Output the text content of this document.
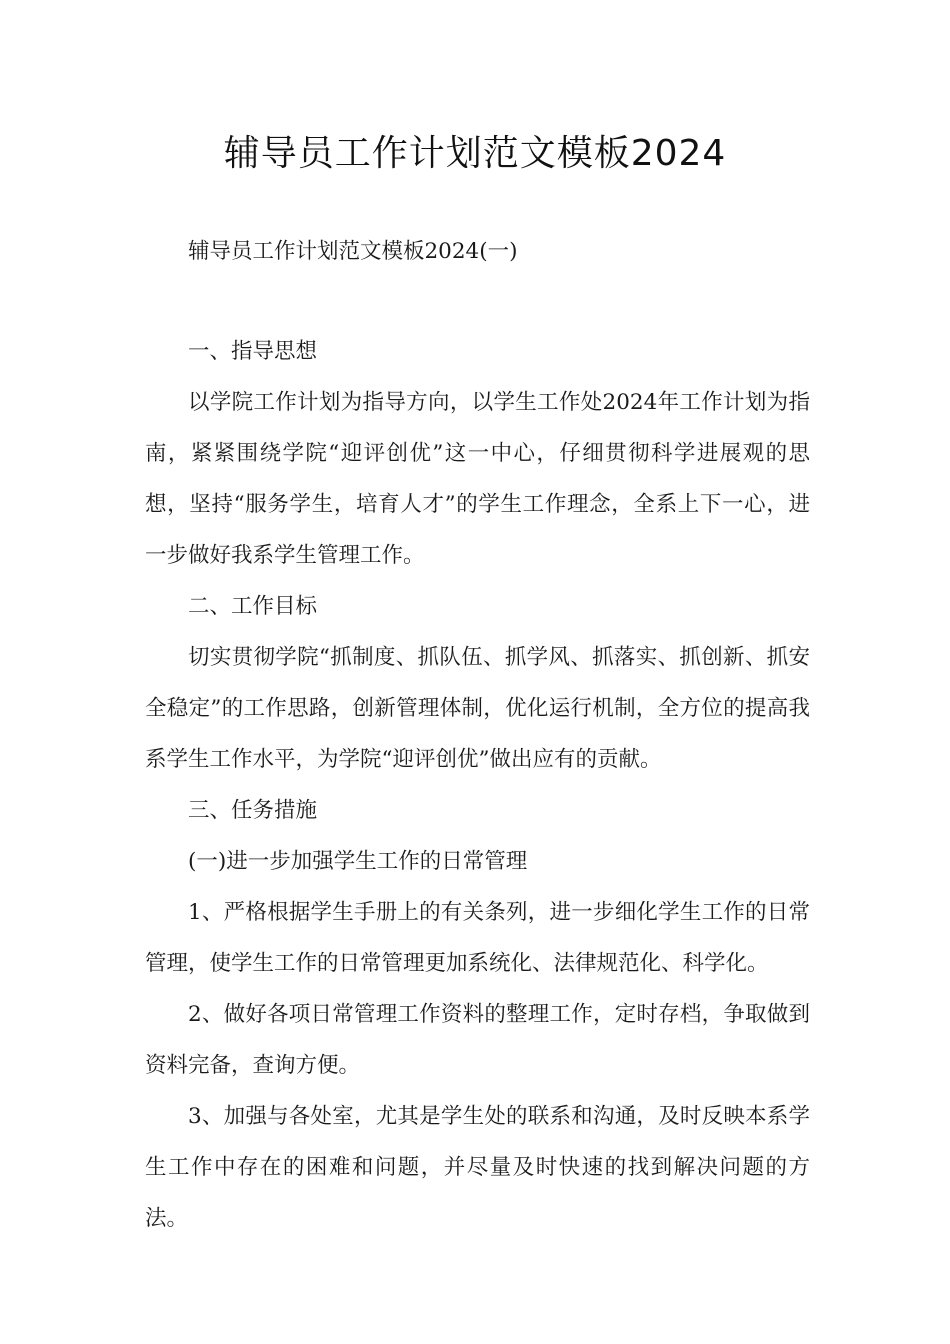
辅导员工作计划范文模板2024

辅导员工作计划范文模板2024(一)

一、指导思想

以学院工作计划为指导方向，以学生工作处2024年工作计划为指南，紧紧围绕学院“迎评创优”这一中心，仔细贯彻科学进展观的思想，坚持“服务学生，培育人才”的学生工作理念，全系上下一心，进一步做好我系学生管理工作。

二、工作目标

切实贯彻学院“抓制度、抓队伍、抓学风、抓落实、抓创新、抓安全稳定”的工作思路，创新管理体制，优化运行机制，全方位的提高我系学生工作水平，为学院“迎评创优”做出应有的贡献。

三、任务措施

(一)进一步加强学生工作的日常管理

1、严格根据学生手册上的有关条列，进一步细化学生工作的日常管理，使学生工作的日常管理更加系统化、法律规范化、科学化。

2、做好各项日常管理工作资料的整理工作，定时存档，争取做到资料完备，查询方便。

3、加强与各处室，尤其是学生处的联系和沟通，及时反映本系学生工作中存在的困难和问题，并尽量及时快速的找到解决问题的方法。
